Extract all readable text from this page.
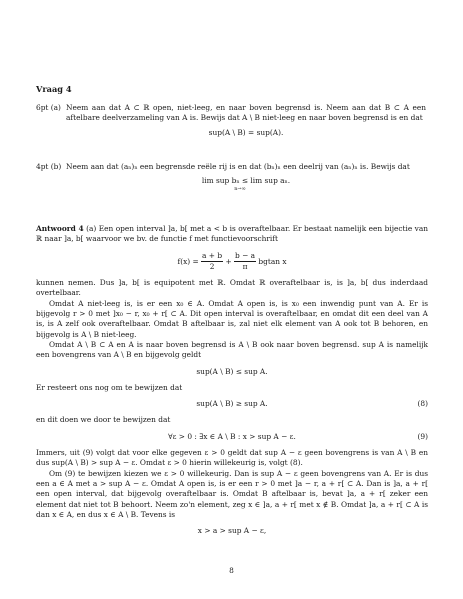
Vraag 4
6pt (a) Neem aan dat A ⊂ ℝ open, niet-leeg, en naar boven begrensd is. Neem aan dat B ⊂ A een aftelbare deelverzameling van A is. Bewijs dat A \ B niet-leeg en naar boven begrensd is en dat

sup(A \ B) = sup(A).
4pt (b) Neem aan dat (aₙ)ₙ een begrensde reële rij is en dat (bₙ)ₙ een deelrij van (aₙ)ₙ is. Bewijs dat

lim sup bₙ ≤ lim sup aₙ.
n→∞

Antwoord 4 (a) Een open interval ]a, b[ met a < b is overaftelbaar. Er bestaat namelijk een bijectie van ℝ naar ]a, b[ waarvoor we bv. de functie f met functievoorschrift

$f(x) = \frac{a + b}{2} + \frac{b - a}{\pi}$ bgtan x

kunnen nemen. Dus ]a, b[ is equipotent met ℝ. Omdat ℝ overaftelbaar is, is ]a, b[ dus inderdaad overtelbaar.

Omdat A niet-leeg is, is er een x₀ ∈ A. Omdat A open is, is x₀ een inwendig punt van A. Er is bijgevolg r > 0 met ]x₀ − r, x₀ + r[ ⊂ A. Dit open interval is overaftelbaar, en omdat dit een deel van A is, is A zelf ook overaftelbaar. Omdat B aftelbaar is, zal niet elk element van A ook tot B behoren, en bijgevolg is A \ B niet-leeg.

Omdat A \ B ⊂ A en A is naar boven begrensd is A \ B ook naar boven begrensd. sup A is namelijk een bovengrens van A \ B en bijgevolg geldt

sup(A \ B) ≤ sup A.

Er resteert ons nog om te bewijzen dat

sup(A \ B) ≥ sup A.	(8)

en dit doen we door te bewijzen dat

∀ε > 0 : ∃x ∈ A \ B : x > sup A − ε.	(9)

Immers, uit (9) volgt dat voor elke gegeven ε > 0 geldt dat sup A − ε geen bovengrens is van A \ B en dus sup(A \ B) > sup A − ε. Omdat ε > 0 hierin willekeurig is, volgt (8).

Om (9) te bewijzen kiezen we ε > 0 willekeurig. Dan is sup A − ε geen bovengrens van A. Er is dus een a ∈ A met a > sup A − ε. Omdat A open is, is er een r > 0 met ]a − r, a + r[ ⊂ A. Dan is ]a, a + r[ een open interval, dat bijgevolg overaftelbaar is. Omdat B aftelbaar is, bevat ]a, a + r[ zeker een element dat niet tot B behoort. Neem zo'n element, zeg x ∈ ]a, a + r[ met x ∉ B. Omdat ]a, a + r[ ⊂ A is dan x ∈ A, en dus x ∈ A \ B. Tevens is

x > a > sup A − ε,
8
